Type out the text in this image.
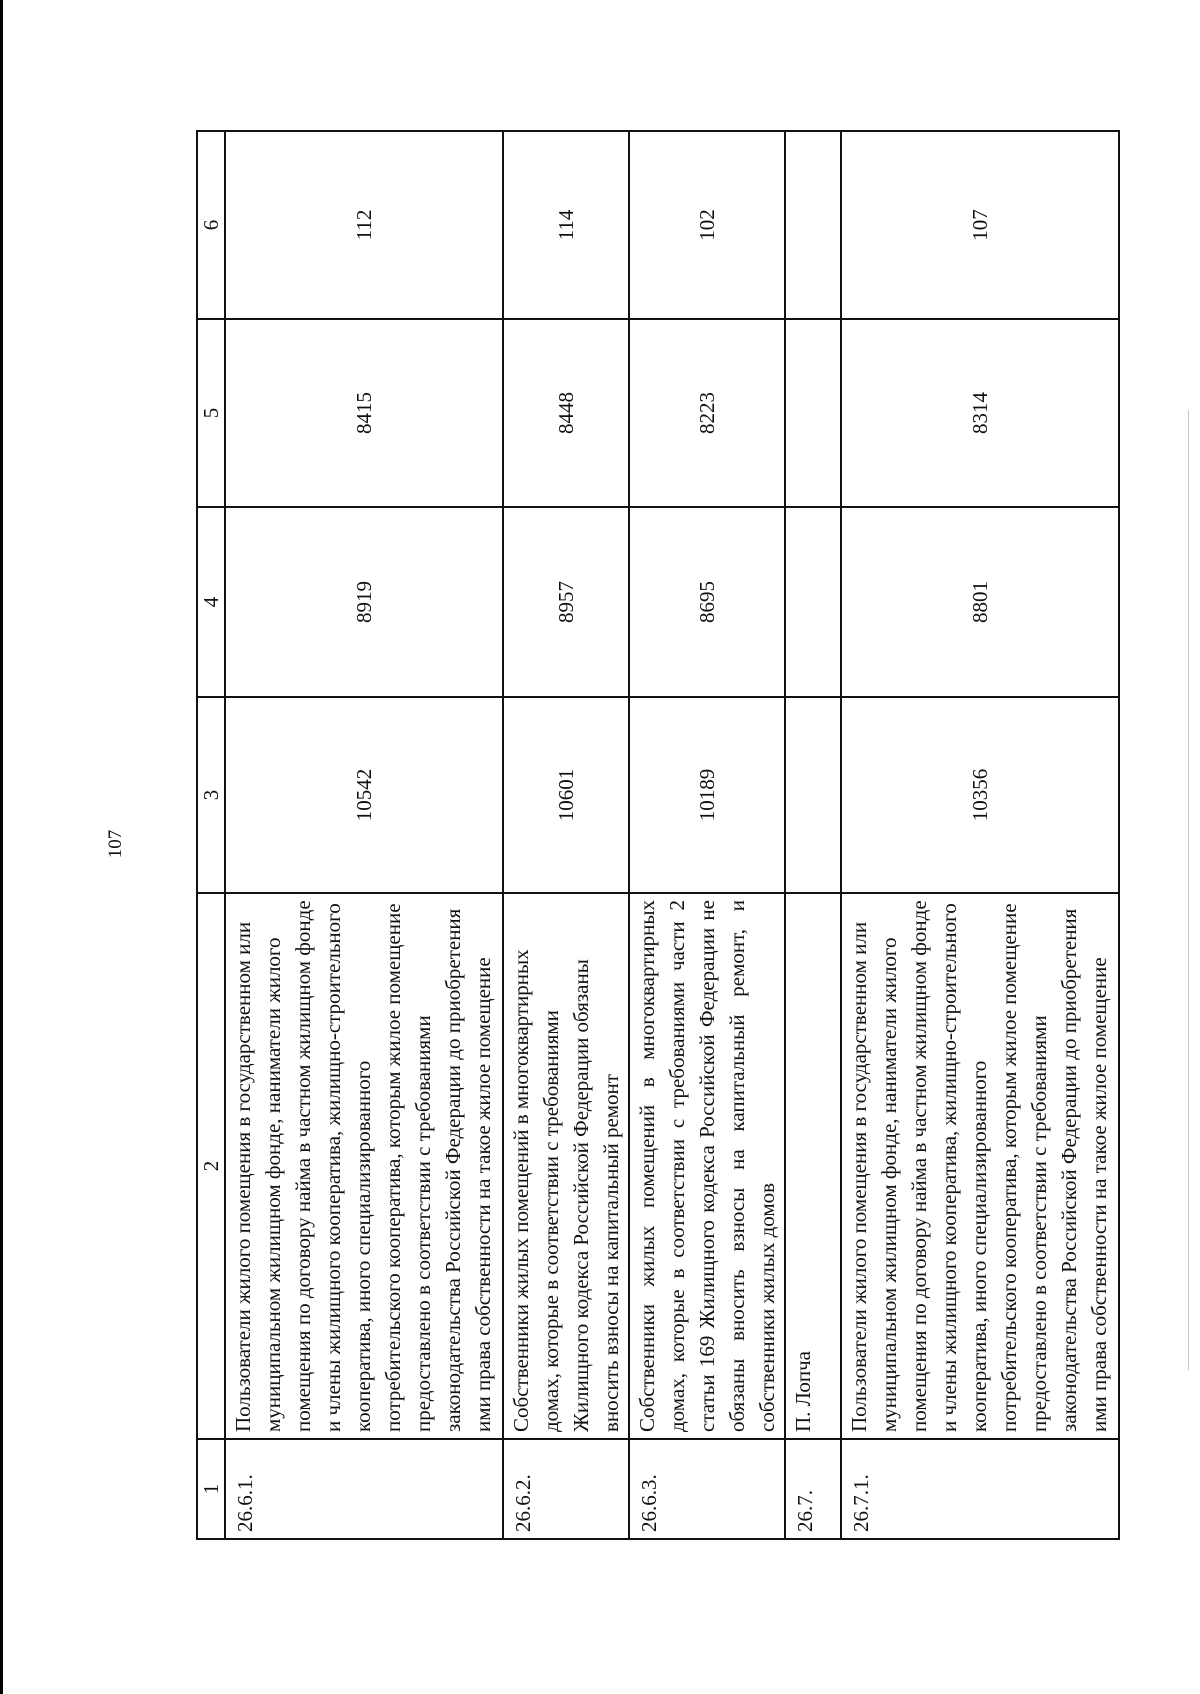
107
1	2	3	4	5	6
26.6.1.	Пользователи жилого помещения в государственном или муниципальном жилищном фонде, наниматели жилого помещения по договору найма в частном жилищном фонде и члены жилищного кооператива, жилищно-строительного кооператива, иного специализированного потребительского кооператива, которым жилое помещение предоставлено в соответствии с требованиями законодательства Российской Федерации до приобретения ими права собственности на такое жилое помещение	10542	8919	8415	112
26.6.2.	Собственники жилых помещений в многоквартирных домах, которые в соответствии с требованиями Жилищного кодекса Российской Федерации обязаны вносить взносы на капитальный ремонт	10601	8957	8448	114
26.6.3.	Собственники жилых помещений в многоквартирных домах, которые в соответствии с требованиями части 2 статьи 169 Жилищного кодекса Российской Федерации не обязаны вносить взносы на капитальный ремонт, и собственники жилых домов	10189	8695	8223	102
26.7.	П. Лопча				
26.7.1.	Пользователи жилого помещения в государственном или муниципальном жилищном фонде, наниматели жилого помещения по договору найма в частном жилищном фонде и члены жилищного кооператива, жилищно-строительного кооператива, иного специализированного потребительского кооператива, которым жилое помещение предоставлено в соответствии с требованиями законодательства Российской Федерации до приобретения ими права собственности на такое жилое помещение	10356	8801	8314	107
